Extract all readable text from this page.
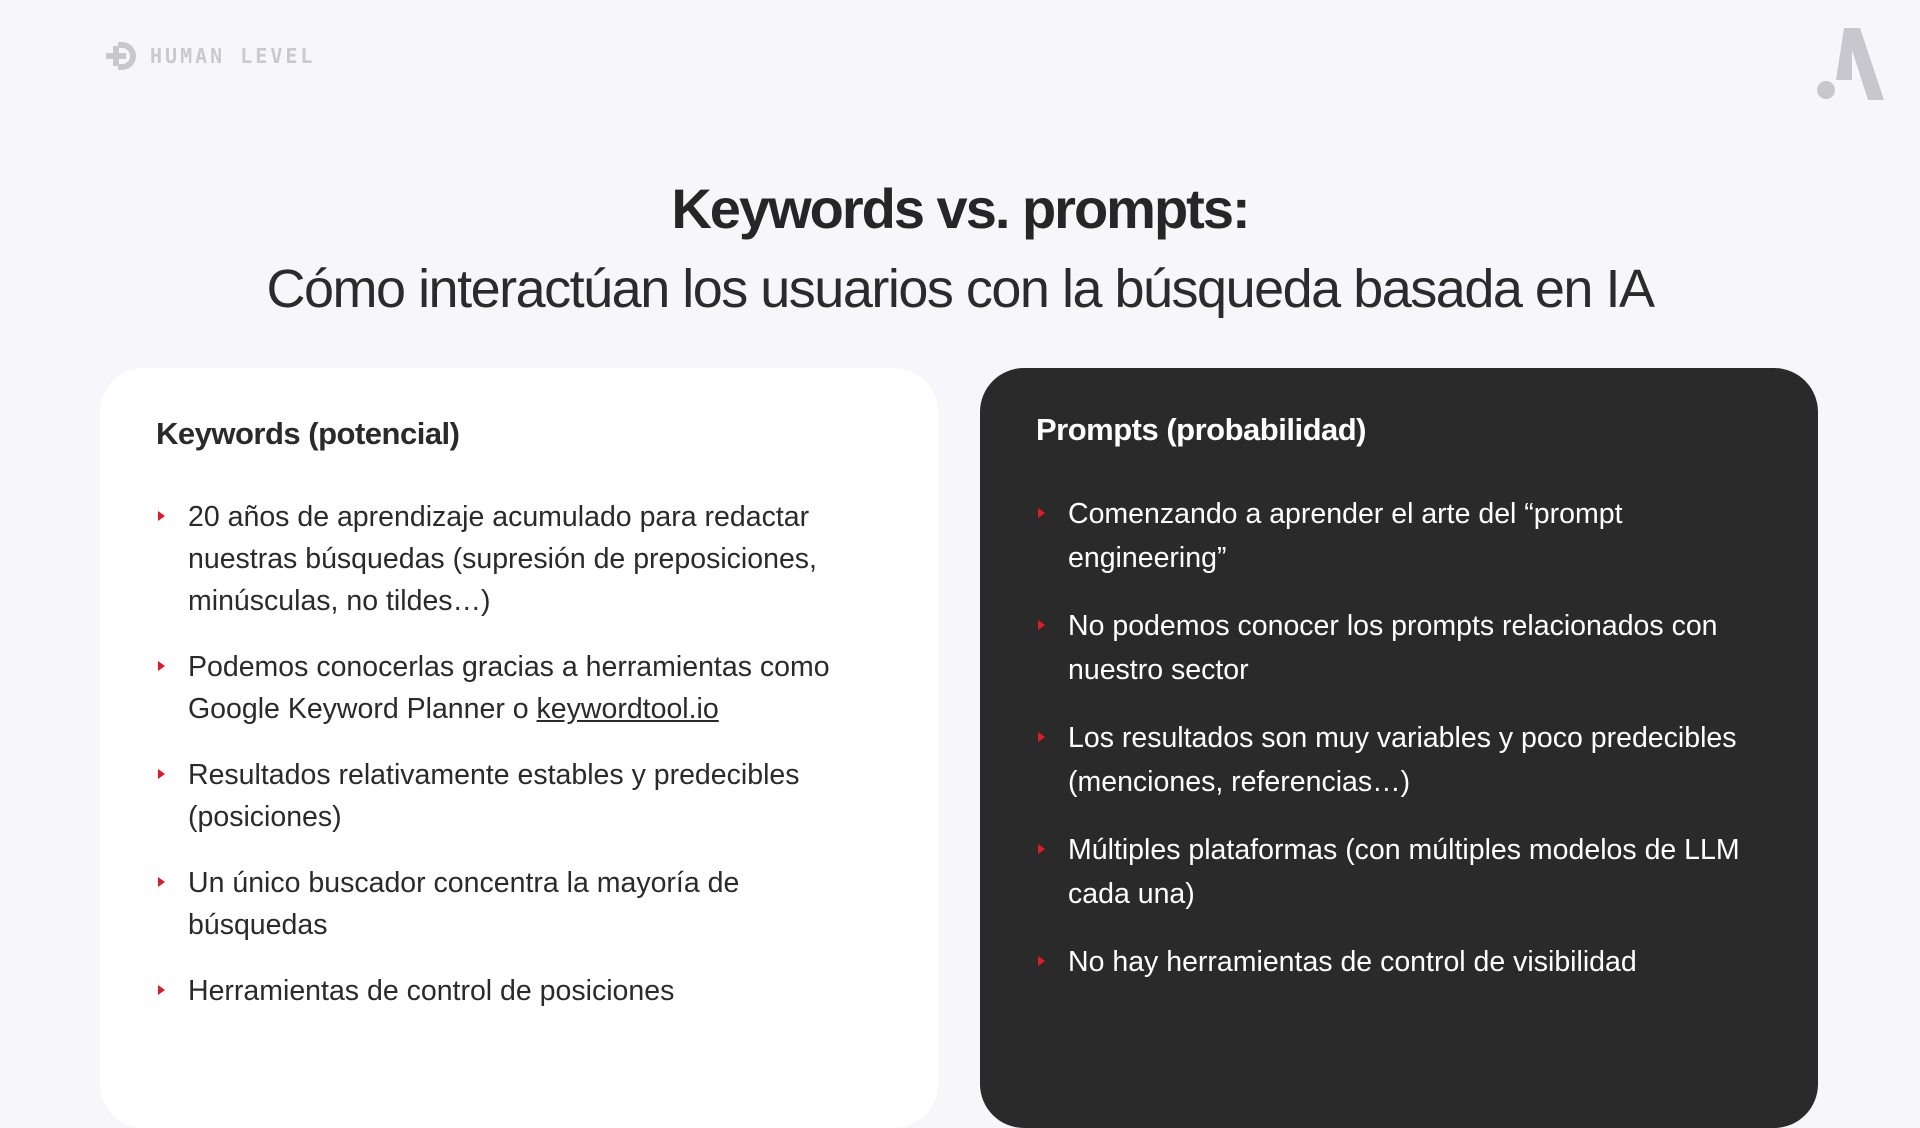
HUMAN LEVEL
Keywords vs. prompts:
Cómo interactúan los usuarios con la búsqueda basada en IA
Keywords (potencial)
20 años de aprendizaje acumulado para redactar nuestras búsquedas (supresión de preposiciones, minúsculas, no tildes…)
Podemos conocerlas gracias a herramientas como Google Keyword Planner o keywordtool.io
Resultados relativamente estables y predecibles (posiciones)
Un único buscador concentra la mayoría de búsquedas
Herramientas de control de posiciones
Prompts (probabilidad)
Comenzando a aprender el arte del “prompt engineering”
No podemos conocer los prompts relacionados con nuestro sector
Los resultados son muy variables y poco predecibles (menciones, referencias…)
Múltiples plataformas (con múltiples modelos de LLM cada una)
No hay herramientas de control de visibilidad
